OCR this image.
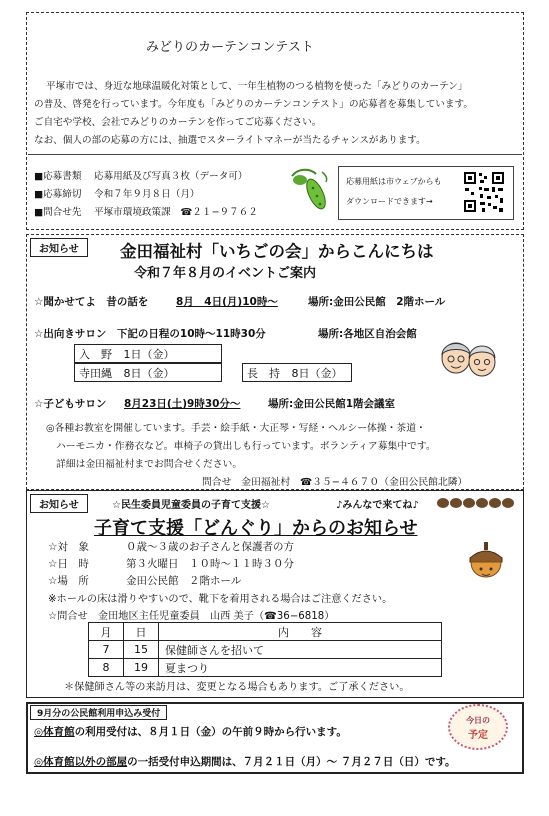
みどりのカーテンコンテスト
平塚市では、身近な地球温暖化対策として、一年生植物のつる植物を使った「みどりのカーテン」
の普及、啓発を行っています。今年度も「みどりのカーテンコンテスト」の応募者を募集しています。
ご自宅や学校、会社でみどりのカーテンを作ってご応募ください。
なお、個人の部の応募の方には、抽選でスターライトマネーが当たるチャンスがあります。
■応募書類 応募用紙及び写真３枚（データ可）
■応募締切 令和７年９月８日（月）
■問合せ先 平塚市環境政策課　☎２１−９７６２
応募用紙は市ウェブからも
ダウンロードできます→
お知らせ	金田福祉村「いちごの会」からこんにちは
令和７年８月のイベントご案内
☆聞かせてよ　昔の話を	8月　4日(月)10時～	場所:金田公民館　2階ホール
☆出向きサロン　下記の日程の10時～11時30分	場所:各地区自治会館
入　野 1日（金）
寺田縄 8日（金）	長　持 8日（金）
☆子どもサロン 8月23日(土)9時30分～	場所:金田公民館1階会議室
◎各種お教室を開催しています。手芸・絵手紙・大正琴・写経・ヘルシー体操・茶道・
ハーモニカ・作務衣など。車椅子の貸出しも行っています。ボランティア募集中です。
詳細は金田福祉村までお問合せください。
問合せ　金田福祉村　☎３５−４６７０（金田公民館北隣）
お知らせ	☆民生委員児童委員の子育て支援☆	♪みんなで来てね♪
子育て支援「どんぐり」からのお知らせ
☆対　象	０歳～３歳のお子さんと保護者の方
☆日　時	第３火曜日　１０時～１１時３０分
☆場　所	金田公民館　２階ホール
※ホールの床は滑りやすいので、靴下を着用される場合はご注意ください。
☆問合せ　金田地区主任児童委員　山西 美子（☎36−6818）
月	日	内　　容
7	15	保健師さんを招いて
8	19	夏まつり
＊保健師さん等の来訪月は、変更となる場合もあります。ご了承ください。
9月分の公民館利用申込み受付
◎体育館の利用受付は、８月１日（金）の午前９時から行います。
◎体育館以外の部屋の一括受付申込期間は、７月２１日（月）～ ７月２７日（日）です。
今日の
予定
